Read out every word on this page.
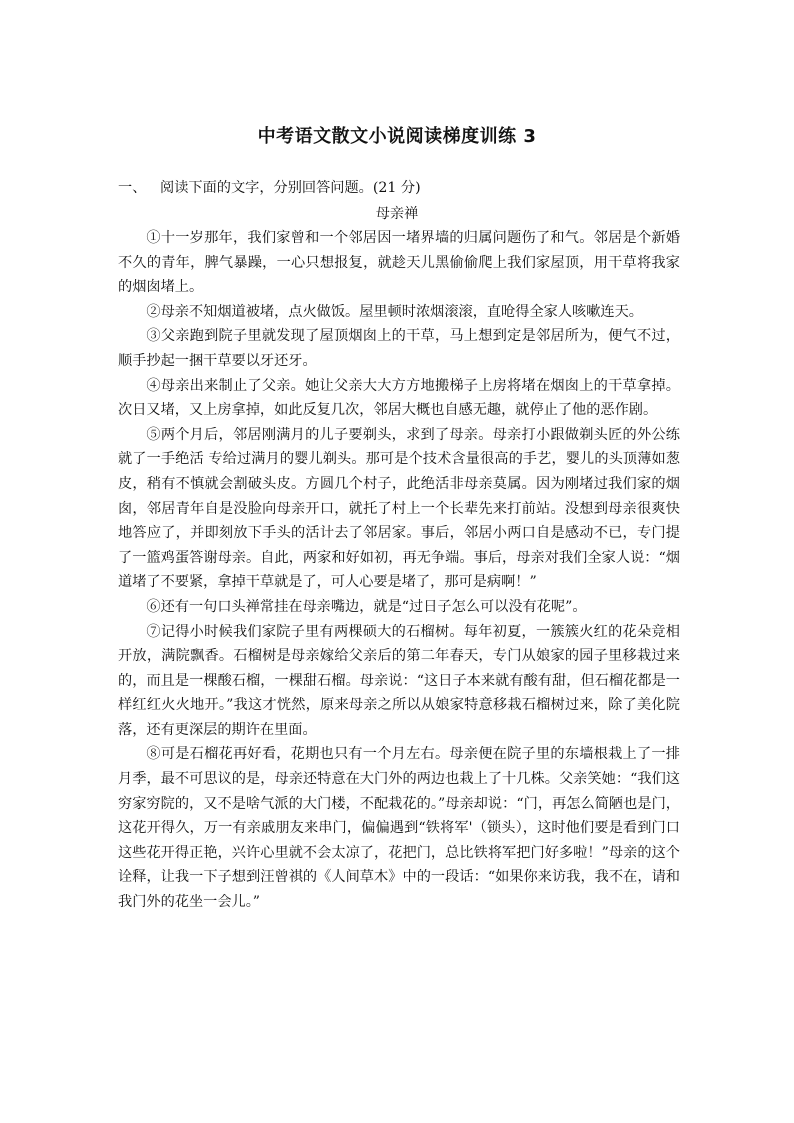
中考语文散文小说阅读梯度训练 3
一、 阅读下面的文字，分别回答问题。(21 分)
母亲禅

①十一岁那年，我们家曾和一个邻居因一堵界墙的归属问题伤了和气。邻居是个新婚不久的青年，脾气暴躁，一心只想报复，就趁天儿黑偷偷爬上我们家屋顶，用干草将我家的烟囱堵上。

②母亲不知烟道被堵，点火做饭。屋里顿时浓烟滚滚，直呛得全家人咳嗽连天。

③父亲跑到院子里就发现了屋顶烟囱上的干草，马上想到定是邻居所为，便气不过，顺手抄起一捆干草要以牙还牙。

④母亲出来制止了父亲。她让父亲大大方方地搬梯子上房将堵在烟囱上的干草拿掉。次日又堵，又上房拿掉，如此反复几次，邻居大概也自感无趣，就停止了他的恶作剧。

⑤两个月后，邻居刚满月的儿子要剃头，求到了母亲。母亲打小跟做剃头匠的外公练就了一手绝活 专给过满月的婴儿剃头。那可是个技术含量很高的手艺，婴儿的头顶薄如葱皮，稍有不慎就会割破头皮。方圆几个村子，此绝活非母亲莫属。因为刚堵过我们家的烟囱，邻居青年自是没脸向母亲开口，就托了村上一个长辈先来打前站。没想到母亲很爽快地答应了，并即刻放下手头的活计去了邻居家。事后，邻居小两口自是感动不已，专门提了一篮鸡蛋答谢母亲。自此，两家和好如初，再无争端。事后，母亲对我们全家人说：“烟道堵了不要紧，拿掉干草就是了，可人心要是堵了，那可是病啊！”

⑥还有一句口头禅常挂在母亲嘴边，就是“过日子怎么可以没有花呢”。

⑦记得小时候我们家院子里有两棵硕大的石榴树。每年初夏，一簇簇火红的花朵竞相开放，满院飘香。石榴树是母亲嫁给父亲后的第二年春天，专门从娘家的园子里移栽过来的，而且是一棵酸石榴，一棵甜石榴。母亲说：“这日子本来就有酸有甜，但石榴花都是一样红红火火地开。”我这才恍然，原来母亲之所以从娘家特意移栽石榴树过来，除了美化院落，还有更深层的期许在里面。

⑧可是石榴花再好看，花期也只有一个月左右。母亲便在院子里的东墙根栽上了一排月季，最不可思议的是，母亲还特意在大门外的两边也栽上了十几株。父亲笑她：“我们这穷家穷院的，又不是啥气派的大门楼，不配栽花的。”母亲却说：“门，再怎么简陋也是门，这花开得久，万一有亲戚朋友来串门，偏偏遇到“铁将军'（锁头），这时他们要是看到门口这些花开得正艳，兴许心里就不会太凉了，花把门，总比铁将军把门好多啦！”母亲的这个诠释，让我一下子想到汪曾祺的《人间草木》中的一段话：“如果你来访我，我不在，请和我门外的花坐一会儿。”
